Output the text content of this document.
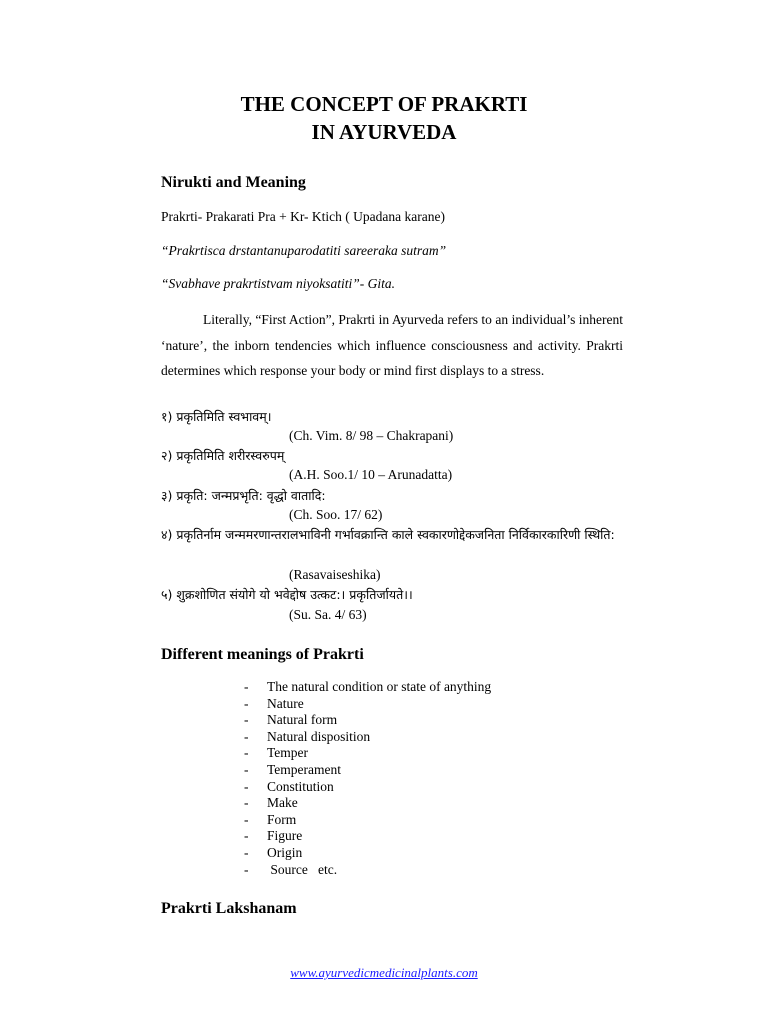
THE CONCEPT OF PRAKRTI
IN AYURVEDA
Nirukti and Meaning
Prakrti- Prakarati Pra + Kr- Ktich ( Upadana karane)
“Prakrtisca drstantanuparodatiti sareeraka sutram”
“Svabhave prakrtistvam niyoksatiti”- Gita.
Literally, “First Action”, Prakrti in Ayurveda refers to an individual’s inherent ‘nature’, the inborn tendencies which influence consciousness and activity. Prakrti determines which response your body or mind first displays to a stress.
१) प्रकृतिमिति स्वभावम्।
(Ch. Vim. 8/ 98 – Chakrapani)
२) प्रकृतिमिति शरीरस्वरुपम्
(A.H. Soo.1/ 10 – Arunadatta)
३) प्रकृति: जन्मप्रभृति: वृद्धो वातादि:
(Ch. Soo. 17/ 62)
४) प्रकृतिर्नाम जन्ममरणान्तरालभाविनी गर्भावक्रान्ति काले स्वकारणोद्देकजनिता निर्विकारकारिणी स्थिति:
(Rasavaiseshika)
५) शुक्रशोणित संयोगे यो भवेद्दोष उत्कट:। प्रकृतिर्जायते।।
(Su. Sa. 4/ 63)
Different meanings of Prakrti
- The natural condition or state of anything
- Nature
- Natural form
- Natural disposition
- Temper
- Temperament
- Constitution
- Make
- Form
- Figure
- Origin
- Source   etc.
Prakrti Lakshanam
www.ayurvedicmedicinalplants.com
